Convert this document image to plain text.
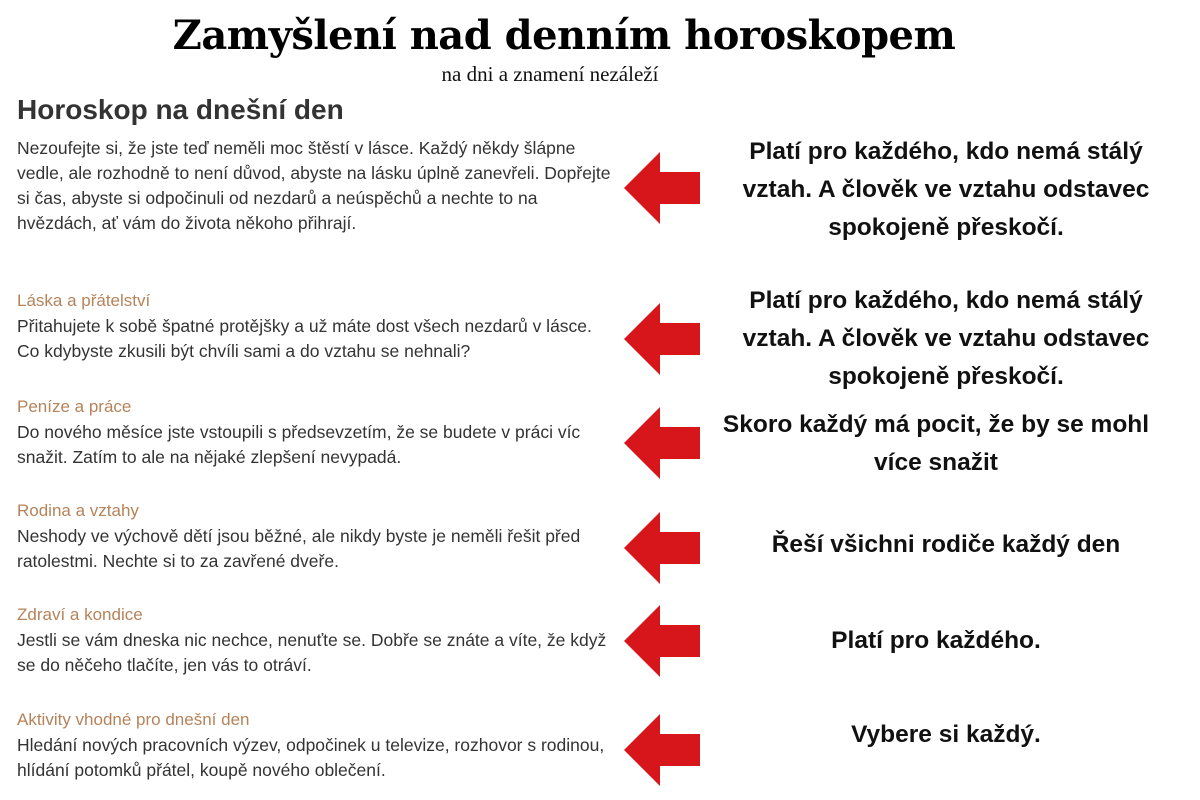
Zamyšlení nad denním horoskopem
na dni a znamení nezáleží
Horoskop na dnešní den
Nezoufejte si, že jste teď neměli moc štěstí v lásce. Každý někdy šlápne vedle, ale rozhodně to není důvod, abyste na lásku úplně zanevřeli. Dopřejte si čas, abyste si odpočinuli od nezdarů a neúspěchů a nechte to na hvězdách, ať vám do života někoho přihrají.
Láska a přátelství
Přitahujete k sobě špatné protějšky a už máte dost všech nezdarů v lásce. Co kdybyste zkusili být chvíli sami a do vztahu se nehnali?
Peníze a práce
Do nového měsíce jste vstoupili s předsevzetím, že se budete v práci víc snažit. Zatím to ale na nějaké zlepšení nevypadá.
Rodina a vztahy
Neshody ve výchově dětí jsou běžné, ale nikdy byste je neměli řešit před ratolestmi. Nechte si to za zavřené dveře.
Zdraví a kondice
Jestli se vám dneska nic nechce, nenuťte se. Dobře se znáte a víte, že když se do něčeho tlačíte, jen vás to otráví.
Aktivity vhodné pro dnešní den
Hledání nových pracovních výzev, odpočinek u televize, rozhovor s rodinou, hlídání potomků přátel, koupě nového oblečení.
Platí pro každého, kdo nemá stálý vztah. A člověk ve vztahu odstavec spokojeně přeskočí.
Platí pro každého, kdo nemá stálý vztah. A člověk ve vztahu odstavec spokojeně přeskočí.
Skoro každý má pocit, že by se mohl více snažit
Řeší všichni rodiče každý den
Platí pro každého.
Vybere si každý.
